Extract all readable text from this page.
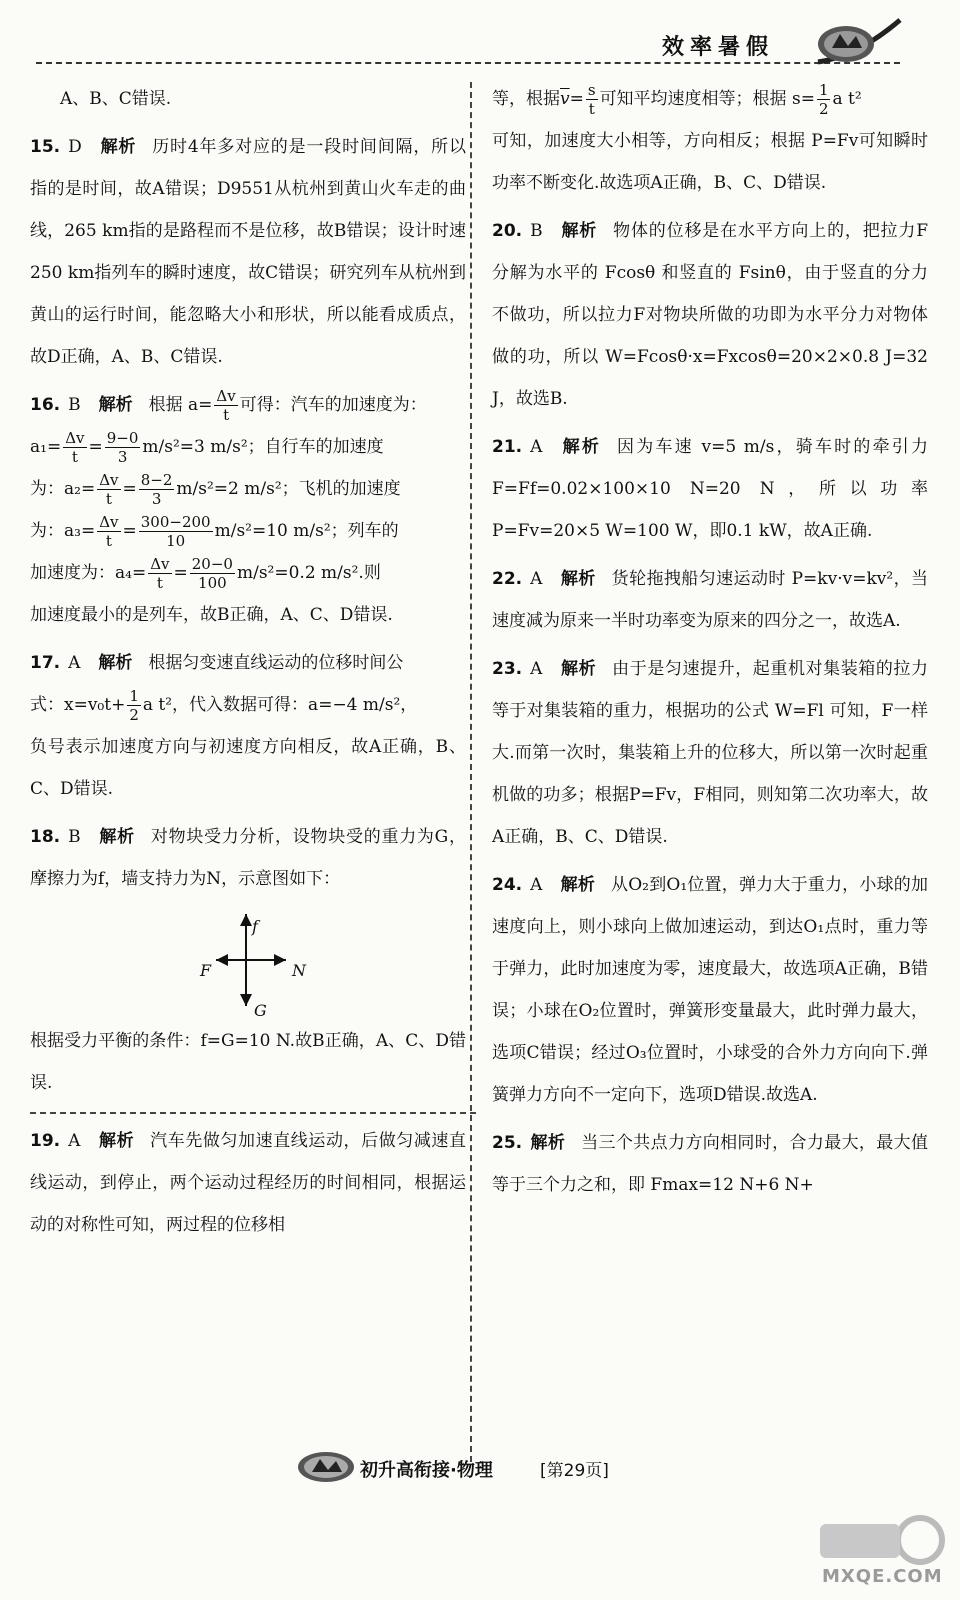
效率暑假
A、B、C错误.
15. D 解析 历时4年多对应的是一段时间间隔，所以指的是时间，故A错误；D9551从杭州到黄山火车走的曲线，265 km指的是路程而不是位移，故B错误；设计时速250 km指列车的瞬时速度，故C错误；研究列车从杭州到黄山的运行时间，能忽略大小和形状，所以能看成质点，故D正确，A、B、C错误.
16. B 解析 根据 $a= \frac{\Delta v}{t}$ 可得：汽车的加速度为：
$a_1= \frac{\Delta v}{t} = \frac{9-0}{3} m/s^2=3$ m/s²；自行车的加速度
为：$a_2= \frac{\Delta v}{t} = \frac{8-2}{3} m/s^2=2$ m/s²；飞机的加速度
为：$a_3= \frac{\Delta v}{t} = \frac{300-200}{10} m/s^2=10$ m/s²；列车的
加速度为：$a_4= \frac{\Delta v}{t} = \frac{20-0}{100} m/s^2=0.2$ m/s².则
加速度最小的是列车，故B正确，A、C、D错误.
17. A 解析 根据匀变速直线运动的位移时间公
式：$x=v_0t+ \frac{1}{2}$ a t²，代入数据可得：a=−4 m/s²，
负号表示加速度方向与初速度方向相反，故A正确，B、C、D错误.
18. B 解析 对物块受力分析，设物块受的重力为G，摩擦力为f，墙支持力为N，示意图如下：
f
F	N
G
根据受力平衡的条件：f=G=10 N.故B正确，A、C、D错误.
19. A 解析 汽车先做匀加速直线运动，后做匀减速直线运动，到停止，两个运动过程经历的时间相同，根据运动的对称性可知，两过程的位移相
等，根据$\overline{v}= \frac{s}{t}$ 可知平均速度相等；根据 $s= \frac{1}{2}$ a t²
可知，加速度大小相等，方向相反；根据 P=Fv可知瞬时功率不断变化.故选项A正确，B、C、D错误.
20. B 解析 物体的位移是在水平方向上的，把拉力F分解为水平的 Fcosθ 和竖直的 Fsinθ，由于竖直的分力不做功，所以拉力F对物块所做的功即为水平分力对物体做的功，所以 W=Fcosθ·x=Fxcosθ=20×2×0.8 J=32 J，故选B.
21. A 解析 因为车速 v=5 m/s，骑车时的牵引力 F=Ff=0.02×100×10 N=20 N，所以功率P=Fv=20×5 W=100 W，即0.1 kW，故A正确.
22. A 解析 货轮拖拽船匀速运动时 P=kv·v=kv²，当速度减为原来一半时功率变为原来的四分之一，故选A.
23. A 解析 由于是匀速提升，起重机对集装箱的拉力等于对集装箱的重力，根据功的公式 W=Fl 可知，F一样大.而第一次时，集装箱上升的位移大，所以第一次时起重机做的功多；根据P=Fv，F相同，则知第二次功率大，故A正确，B、C、D错误.
24. A 解析 从O₂到O₁位置，弹力大于重力，小球的加速度向上，则小球向上做加速运动，到达O₁点时，重力等于弹力，此时加速度为零，速度最大，故选项A正确，B错误；小球在O₂位置时，弹簧形变量最大，此时弹力最大，选项C错误；经过O₃位置时，小球受的合外力方向向下.弹簧弹力方向不一定向下，选项D错误.故选A.
25. 解析 当三个共点力方向相同时，合力最大，最大值等于三个力之和，即 Fmax=12 N+6 N+
初升高衔接·物理	[第29页]
MXQE.COM
